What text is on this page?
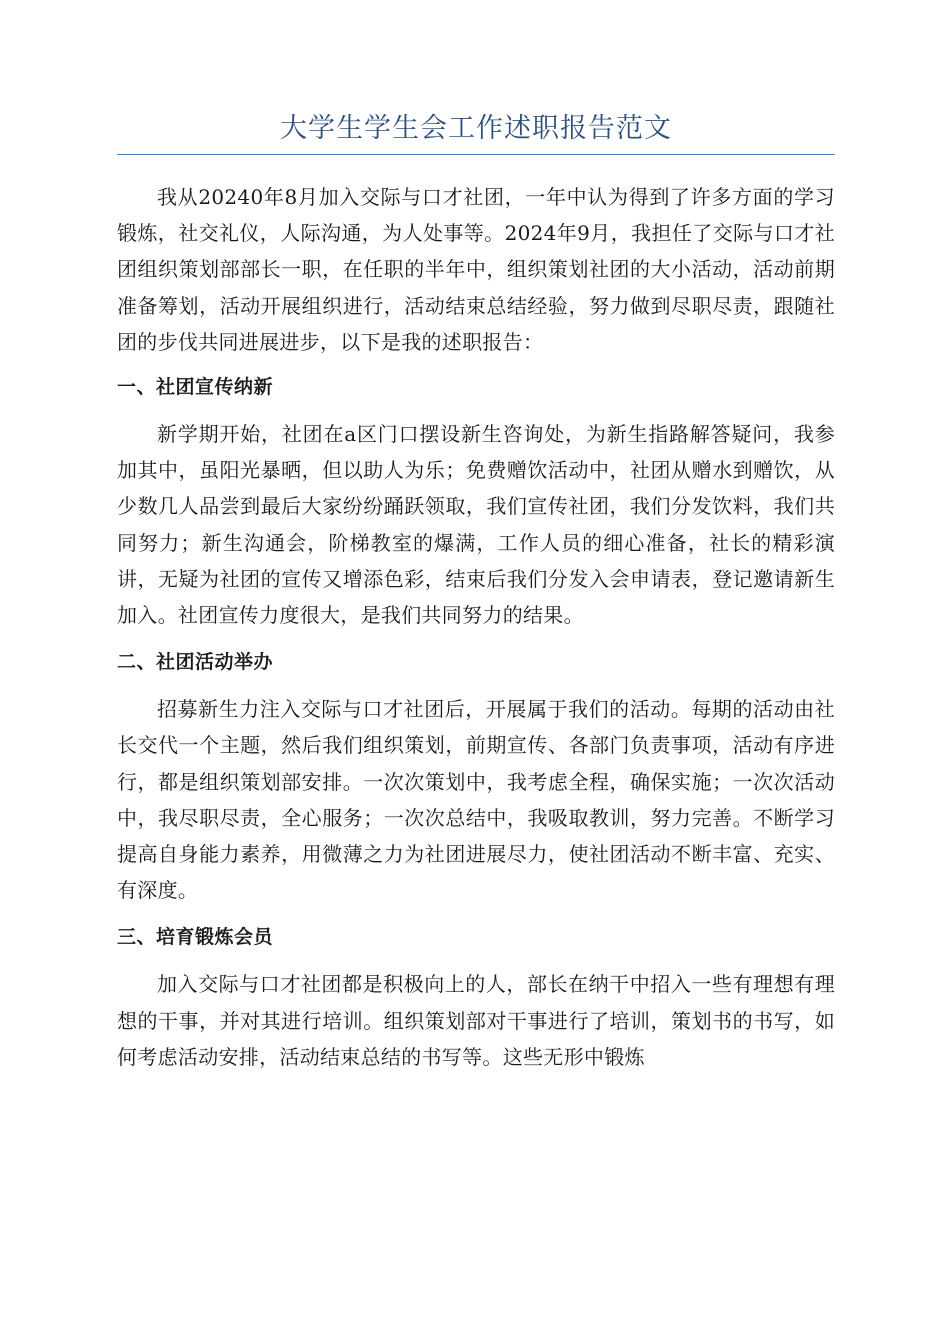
大学生学生会工作述职报告范文

我从20240年8月加入交际与口才社团，一年中认为得到了许多方面的学习锻炼，社交礼仪，人际沟通，为人处事等。2024年9月，我担任了交际与口才社团组织策划部部长一职，在任职的半年中，组织策划社团的大小活动，活动前期准备筹划，活动开展组织进行，活动结束总结经验，努力做到尽职尽责，跟随社团的步伐共同进展进步，以下是我的述职报告：

一、社团宣传纳新

新学期开始，社团在a区门口摆设新生咨询处，为新生指路解答疑问，我参加其中，虽阳光暴晒，但以助人为乐；免费赠饮活动中，社团从赠水到赠饮，从少数几人品尝到最后大家纷纷踊跃领取，我们宣传社团，我们分发饮料，我们共同努力；新生沟通会，阶梯教室的爆满，工作人员的细心准备，社长的精彩演讲，无疑为社团的宣传又增添色彩，结束后我们分发入会申请表，登记邀请新生加入。社团宣传力度很大，是我们共同努力的结果。

二、社团活动举办

招募新生力注入交际与口才社团后，开展属于我们的活动。每期的活动由社长交代一个主题，然后我们组织策划，前期宣传、各部门负责事项，活动有序进行，都是组织策划部安排。一次次策划中，我考虑全程，确保实施；一次次活动中，我尽职尽责，全心服务；一次次总结中，我吸取教训，努力完善。不断学习提高自身能力素养，用微薄之力为社团进展尽力，使社团活动不断丰富、充实、有深度。

三、培育锻炼会员

加入交际与口才社团都是积极向上的人，部长在纳干中招入一些有理想有理想的干事，并对其进行培训。组织策划部对干事进行了培训，策划书的书写，如何考虑活动安排，活动结束总结的书写等。这些无形中锻炼
